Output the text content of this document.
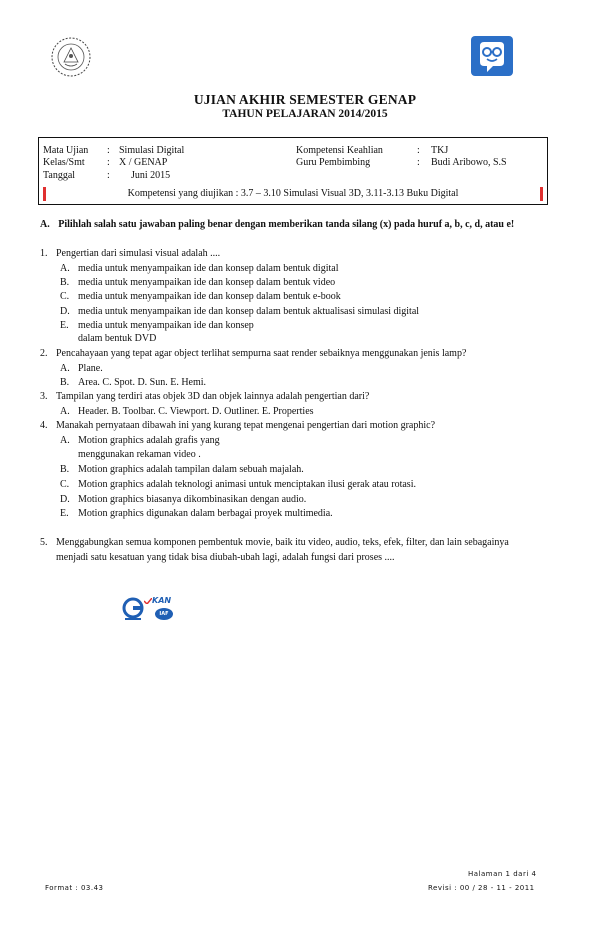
UJIAN AKHIR SEMESTER GENAP
TAHUN PELAJARAN 2014/2015
Mata Ujian : Simulasi Digital
Kelas/Smt : X / GENAP
Tanggal	: Juni 2015
Kompetensi Keahlian	: TKJ
Guru Pembimbing	: Budi Aribowo, S.S
Kompetensi yang diujikan : 3.7 – 3.10 Simulasi Visual 3D, 3.11-3.13 Buku Digital
A. Pilihlah salah satu jawaban paling benar dengan memberikan tanda silang (x) pada huruf a, b, c, d, atau e!
1. Pengertian dari simulasi visual adalah ....
A. media untuk menyampaikan ide dan konsep dalam bentuk digital
B. media untuk menyampaikan ide dan konsep dalam bentuk video
C. media untuk menyampaikan ide dan konsep dalam bentuk e-book
D. media untuk menyampaikan ide dan konsep dalam bentuk aktualisasi simulasi digital
E. media untuk menyampaikan ide dan konsep
dalam bentuk DVD
2. Pencahayaan yang tepat agar object terlihat sempurna saat render sebaiknya menggunakan jenis lamp?
A. Plane.
B. Area. C. Spot. D. Sun. E. Hemi.
3. Tampilan yang terdiri atas objek 3D dan objek lainnya adalah pengertian dari?
A. Header. B. Toolbar. C. Viewport. D. Outliner. E. Properties
4. Manakah pernyataan dibawah ini yang kurang tepat mengenai pengertian dari motion graphic?
A. Motion graphics adalah grafis yang
menggunakan rekaman video .
B. Motion graphics adalah tampilan dalam sebuah majalah.
C. Motion graphics adalah teknologi animasi untuk menciptakan ilusi gerak atau rotasi.
D. Motion graphics biasanya dikombinasikan dengan audio.
E. Motion graphics digunakan dalam berbagai proyek multimedia.
5. Menggabungkan semua komponen pembentuk movie, baik itu video, audio, teks, efek, filter, dan lain sebagainya
menjadi satu kesatuan yang tidak bisa diubah-ubah lagi, adalah fungsi dari proses ....
KAN
IAF
Halaman 1 dari 4
Format : 03.43	Revisi : 00 / 28 - 11 - 2011
